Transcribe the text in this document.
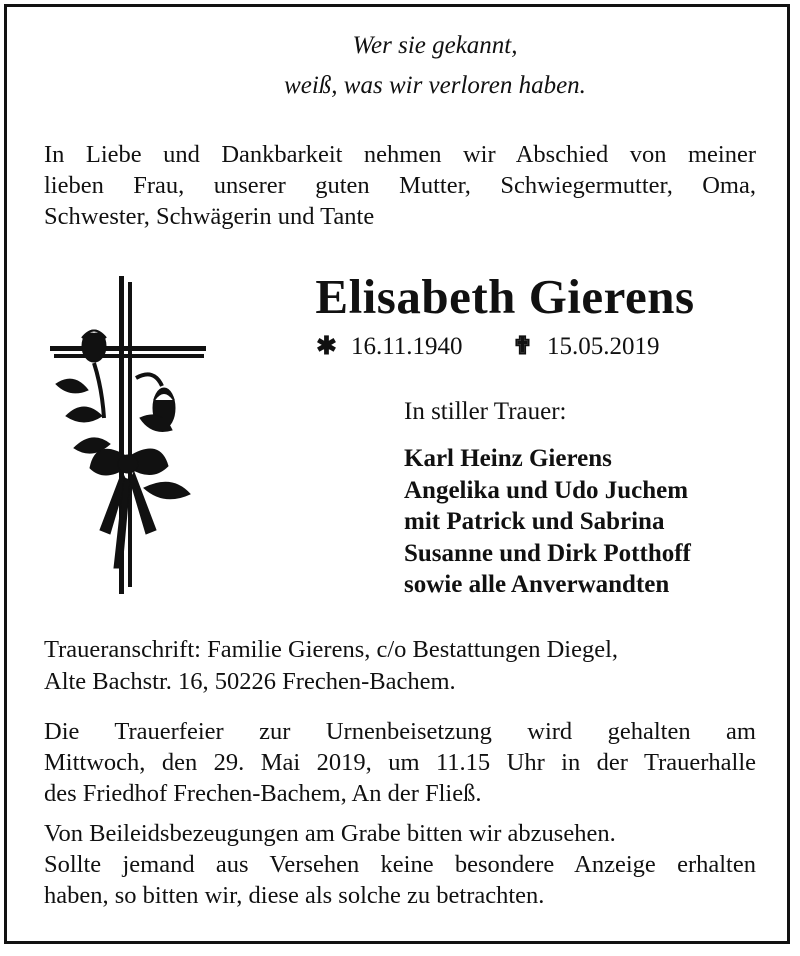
Wer sie gekannt,
weiß, was wir verloren haben.
In Liebe und Dankbarkeit nehmen wir Abschied von meiner
lieben Frau, unserer guten Mutter, Schwiegermutter, Oma,
Schwester, Schwägerin und Tante
Elisabeth Gierens
✱ 16.11.1940 ✟ 15.05.2019
In stiller Trauer:
Karl Heinz Gierens
Angelika und Udo Juchem
mit Patrick und Sabrina
Susanne und Dirk Potthoff
sowie alle Anverwandten
Traueranschrift: Familie Gierens, c/o Bestattungen Diegel,
Alte Bachstr. 16, 50226 Frechen-Bachem.
Die Trauerfeier zur Urnenbeisetzung wird gehalten am
Mittwoch, den 29. Mai 2019, um 11.15 Uhr in der Trauerhalle
des Friedhof Frechen-Bachem, An der Fließ.
Von Beileidsbezeugungen am Grabe bitten wir abzusehen.
Sollte jemand aus Versehen keine besondere Anzeige erhalten
haben, so bitten wir, diese als solche zu betrachten.
